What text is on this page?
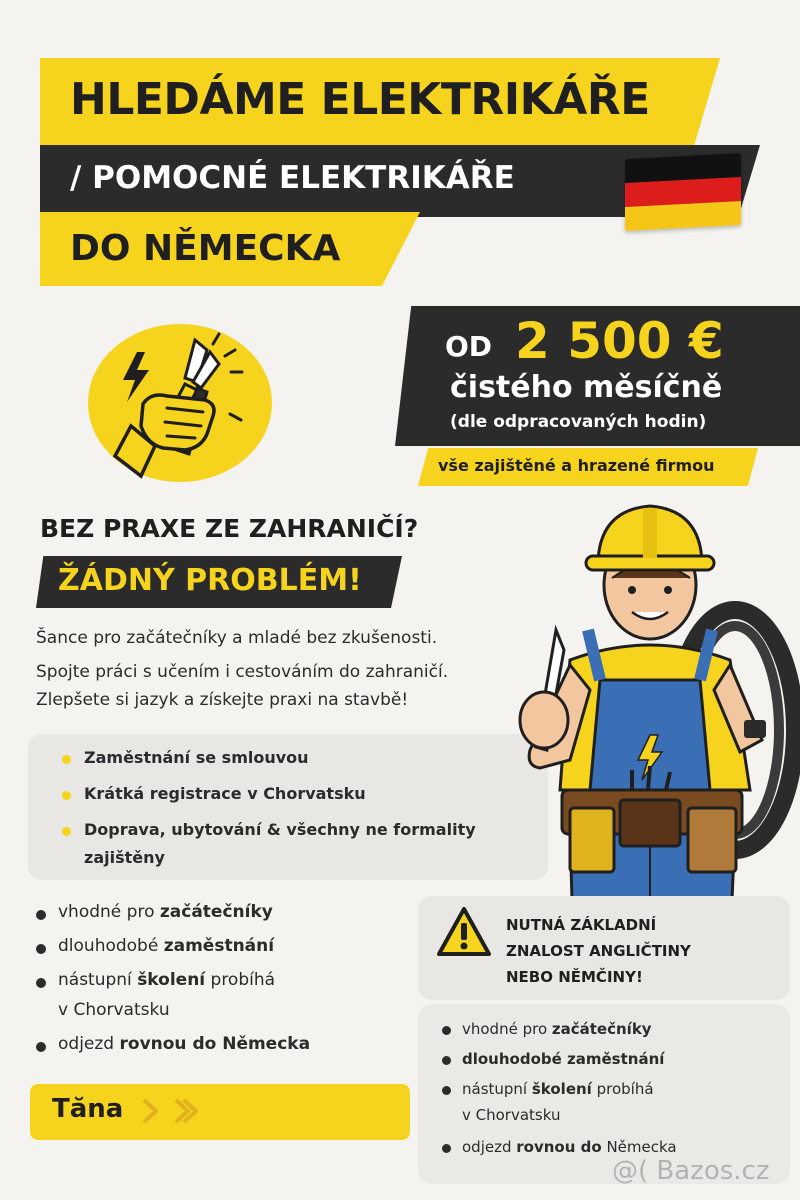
HLEDÁME ELEKTRIKÁŘE
/ POMOCNÉ ELEKTRIKÁŘE
DO NĚMECKA
OD 2 500 €
čistého měsíčně
(dle odpracovaných hodin)
vše zajištěné a hrazené firmou
BEZ PRAXE ZE ZAHRANIČÍ?
ŽÁDNÝ PROBLÉM!
Šance pro začátečníky a mladé bez zkušenosti.
Spojte práci s učením i cestováním do zahraničí.
Zlepšete si jazyk a získejte praxi na stavbě!
Zaměstnání se smlouvou
Krátká registrace v Chorvatsku
Doprava, ubytování & všechny ne formality
zajištěny
vhodné pro začátečníky
dlouhodobé zaměstnání
nástupní školení probíhá
v Chorvatsku
odjezd rovnou do Německa
Tăna
NUTNÁ ZÁKLADNÍ
ZNALOST ANGLIČTINY
NEBO NĚMČINY!
vhodné pro začátečníky
dlouhodobé zaměstnání
nástupní školení probíhá
v Chorvatsku
odjezd rovnou do Německa
@( Bazos.cz
